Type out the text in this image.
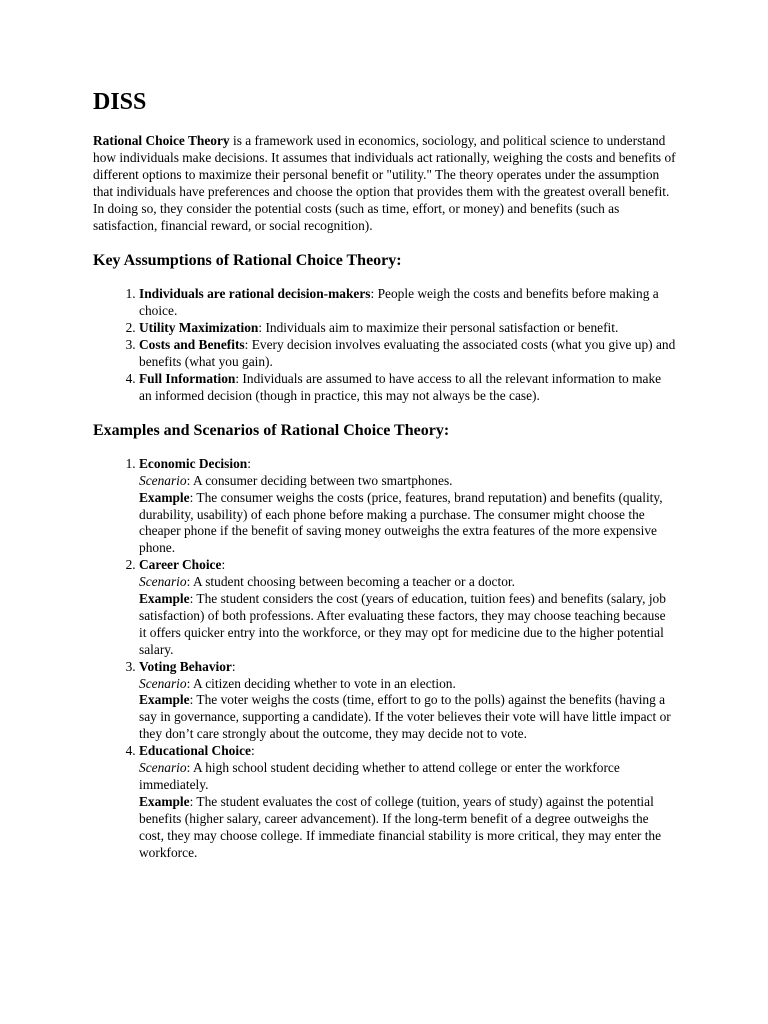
DISS

Rational Choice Theory is a framework used in economics, sociology, and political science to understand how individuals make decisions. It assumes that individuals act rationally, weighing the costs and benefits of different options to maximize their personal benefit or "utility." The theory operates under the assumption that individuals have preferences and choose the option that provides them with the greatest overall benefit. In doing so, they consider the potential costs (such as time, effort, or money) and benefits (such as satisfaction, financial reward, or social recognition).

Key Assumptions of Rational Choice Theory:
1. Individuals are rational decision-makers: People weigh the costs and benefits before making a choice.
2. Utility Maximization: Individuals aim to maximize their personal satisfaction or benefit.
3. Costs and Benefits: Every decision involves evaluating the associated costs (what you give up) and benefits (what you gain).
4. Full Information: Individuals are assumed to have access to all the relevant information to make an informed decision (though in practice, this may not always be the case).
Examples and Scenarios of Rational Choice Theory:
1. Economic Decision:
Scenario: A consumer deciding between two smartphones.
Example: The consumer weighs the costs (price, features, brand reputation) and benefits (quality, durability, usability) of each phone before making a purchase. The consumer might choose the cheaper phone if the benefit of saving money outweighs the extra features of the more expensive phone.
2. Career Choice:
Scenario: A student choosing between becoming a teacher or a doctor.
Example: The student considers the cost (years of education, tuition fees) and benefits (salary, job satisfaction) of both professions. After evaluating these factors, they may choose teaching because it offers quicker entry into the workforce, or they may opt for medicine due to the higher potential salary.
3. Voting Behavior:
Scenario: A citizen deciding whether to vote in an election.
Example: The voter weighs the costs (time, effort to go to the polls) against the benefits (having a say in governance, supporting a candidate). If the voter believes their vote will have little impact or they don’t care strongly about the outcome, they may decide not to vote.
4. Educational Choice:
Scenario: A high school student deciding whether to attend college or enter the workforce immediately.
Example: The student evaluates the cost of college (tuition, years of study) against the potential benefits (higher salary, career advancement). If the long-term benefit of a degree outweighs the cost, they may choose college. If immediate financial stability is more critical, they may enter the workforce.
